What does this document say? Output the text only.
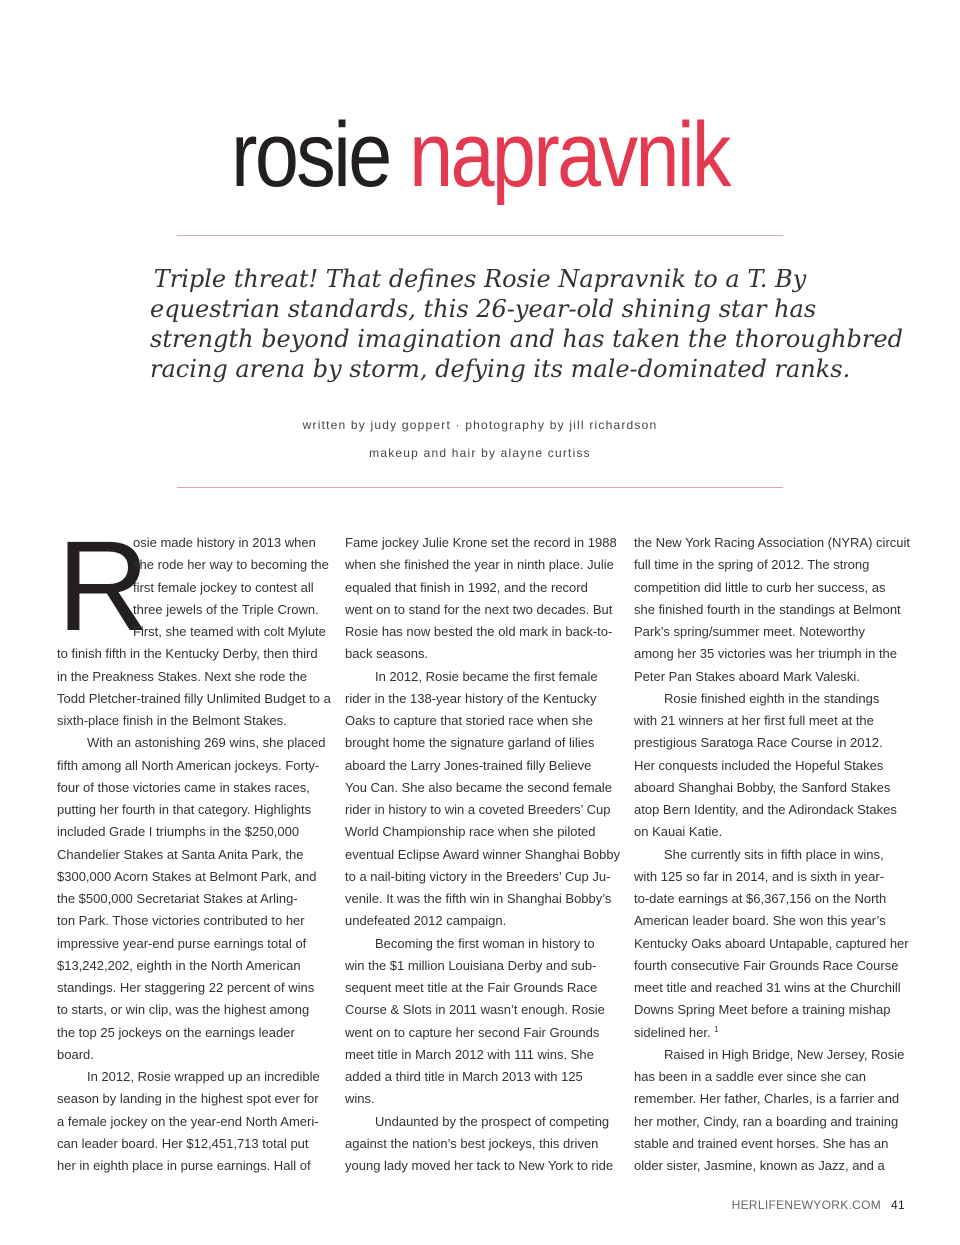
rosie napravnik

Triple threat! That defines Rosie Napravnik to a T. By

equestrian standards, this 26-year-old shining star has

strength beyond imagination and has taken the thoroughbred

racing arena by storm, defying its male-dominated ranks.

written by judy goppert · photography by jill richardson
makeup and hair by alayne curtiss
R

osie made history in 2013 when

she rode her way to becoming the

first female jockey to contest all

three jewels of the Triple Crown.

First, she teamed with colt Mylute

to finish fifth in the Kentucky Derby, then third

in the Preakness Stakes. Next she rode the

Todd Pletcher-trained filly Unlimited Budget to a

sixth-place finish in the Belmont Stakes.

With an astonishing 269 wins, she placed

fifth among all North American jockeys. Forty-

four of those victories came in stakes races,

putting her fourth in that category. Highlights

included Grade I triumphs in the $250,000

Chandelier Stakes at Santa Anita Park, the

$300,000 Acorn Stakes at Belmont Park, and

the $500,000 Secretariat Stakes at Arling-

ton Park. Those victories contributed to her

impressive year-end purse earnings total of

$13,242,202, eighth in the North American

standings. Her staggering 22 percent of wins

to starts, or win clip, was the highest among

the top 25 jockeys on the earnings leader

board.

In 2012, Rosie wrapped up an incredible

season by landing in the highest spot ever for

a female jockey on the year-end North Ameri-

can leader board. Her $12,451,713 total put

her in eighth place in purse earnings. Hall of

Fame jockey Julie Krone set the record in 1988

when she finished the year in ninth place. Julie

equaled that finish in 1992, and the record

went on to stand for the next two decades. But

Rosie has now bested the old mark in back-to-

back seasons.

In 2012, Rosie became the first female

rider in the 138-year history of the Kentucky

Oaks to capture that storied race when she

brought home the signature garland of lilies

aboard the Larry Jones-trained filly Believe

You Can. She also became the second female

rider in history to win a coveted Breeders’ Cup

World Championship race when she piloted

eventual Eclipse Award winner Shanghai Bobby

to a nail-biting victory in the Breeders’ Cup Ju-

venile. It was the fifth win in Shanghai Bobby’s

undefeated 2012 campaign.

Becoming the first woman in history to

win the $1 million Louisiana Derby and sub-

sequent meet title at the Fair Grounds Race

Course & Slots in 2011 wasn’t enough. Rosie

went on to capture her second Fair Grounds

meet title in March 2012 with 111 wins. She

added a third title in March 2013 with 125

wins.

Undaunted by the prospect of competing

against the nation’s best jockeys, this driven

young lady moved her tack to New York to ride

the New York Racing Association (NYRA) circuit

full time in the spring of 2012. The strong

competition did little to curb her success, as

she finished fourth in the standings at Belmont

Park’s spring/summer meet. Noteworthy

among her 35 victories was her triumph in the

Peter Pan Stakes aboard Mark Valeski.

Rosie finished eighth in the standings

with 21 winners at her first full meet at the

prestigious Saratoga Race Course in 2012.

Her conquests included the Hopeful Stakes

aboard Shanghai Bobby, the Sanford Stakes

atop Bern Identity, and the Adirondack Stakes

on Kauai Katie.

She currently sits in fifth place in wins,

with 125 so far in 2014, and is sixth in year-

to-date earnings at $6,367,156 on the North

American leader board. She won this year’s

Kentucky Oaks aboard Untapable, captured her

fourth consecutive Fair Grounds Race Course

meet title and reached 31 wins at the Churchill

Downs Spring Meet before a training mishap

sidelined her. $^1$

Raised in High Bridge, New Jersey, Rosie

has been in a saddle ever since she can

remember. Her father, Charles, is a farrier and

her mother, Cindy, ran a boarding and training

stable and trained event horses. She has an

older sister, Jasmine, known as Jazz, and a

HERLIFENEWYORK.COM 41
